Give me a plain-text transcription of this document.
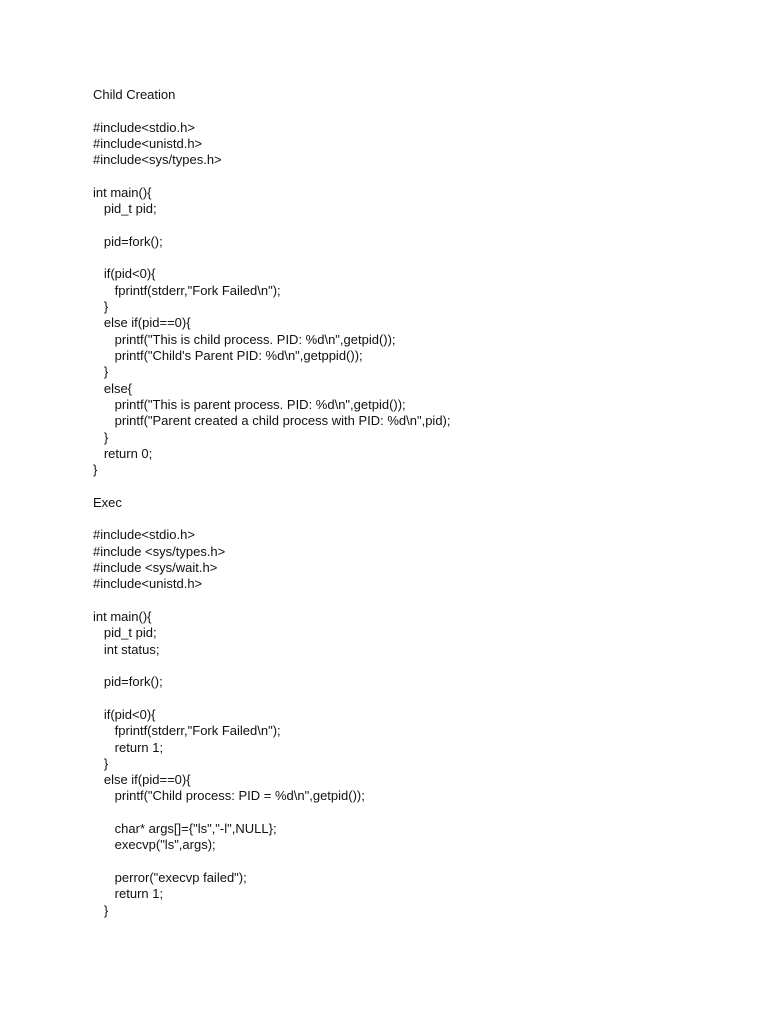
Child Creation
#include<stdio.h>
#include<unistd.h>
#include<sys/types.h>
int main(){
pid_t pid;
pid=fork();
if(pid<0){
fprintf(stderr,"Fork Failed\n");
}
else if(pid==0){
printf("This is child process. PID: %d\n",getpid());
printf("Child's Parent PID: %d\n",getppid());
}
else{
printf("This is parent process. PID: %d\n",getpid());
printf("Parent created a child process with PID: %d\n",pid);
}
return 0;
}
Exec
#include<stdio.h>
#include <sys/types.h>
#include <sys/wait.h>
#include<unistd.h>
int main(){
pid_t pid;
int status;
pid=fork();
if(pid<0){
fprintf(stderr,"Fork Failed\n");
return 1;
}
else if(pid==0){
printf("Child process: PID = %d\n",getpid());
char* args[]={"ls","-l",NULL};
execvp("ls",args);
perror("execvp failed");
return 1;
}
